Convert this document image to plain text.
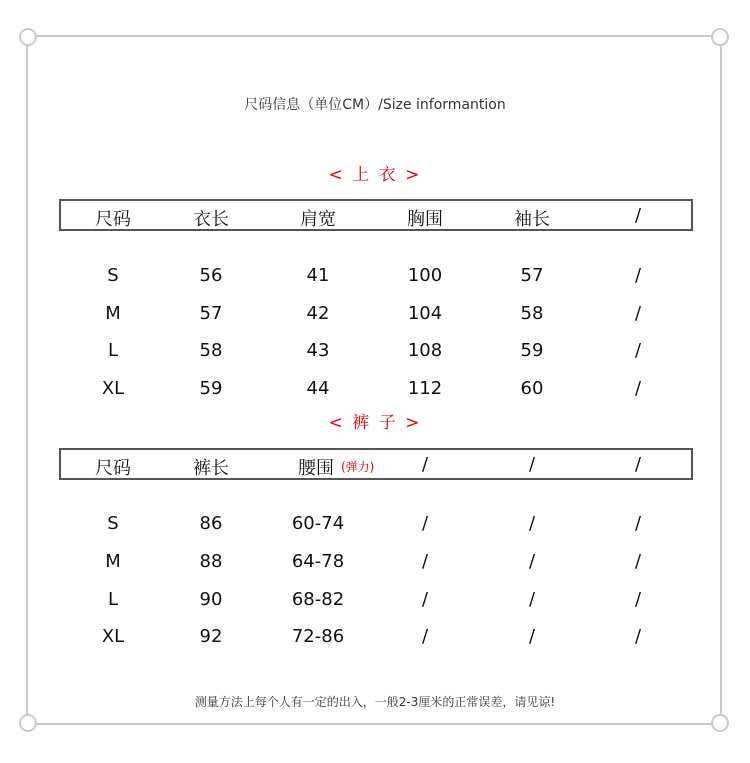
尺码信息（单位CM）/Size informantion
< 上 衣 >
尺码	衣长	肩宽	胸围	袖长	/
S	56	41	100	57	/
M	57	42	104	58	/
L	58	43	108	59	/
XL	59	44	112	60	/
< 裤 子 >
尺码	裤长	腰围 (弹力)	/	/	/
S	86	60-74	/	/	/
M	88	64-78	/	/	/
L	90	68-82	/	/	/
XL	92	72-86	/	/	/
测量方法上每个人有一定的出入，一般2-3厘米的正常误差，请见谅!
